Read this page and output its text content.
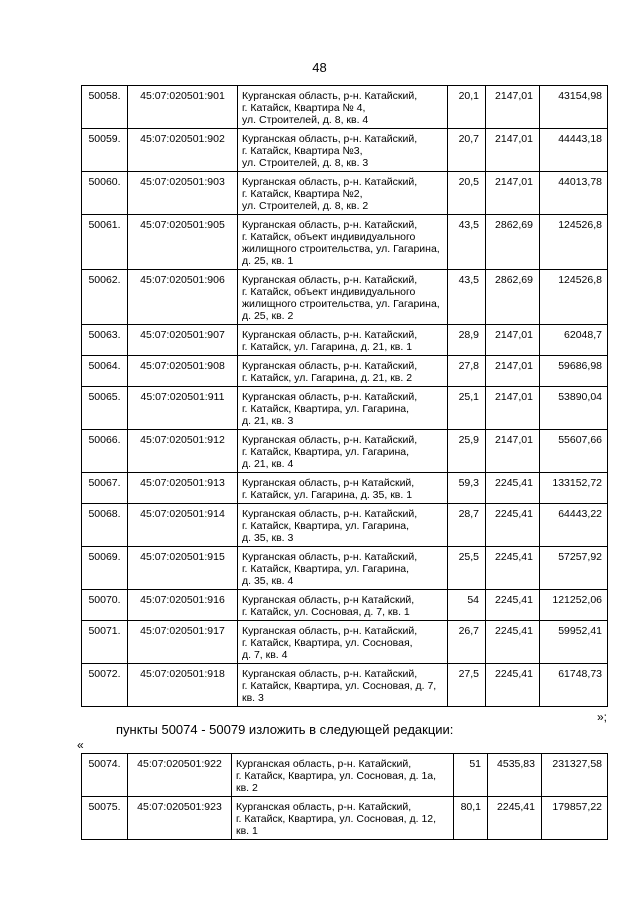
48
50058.	45:07:020501:901	Курганская область, р-н. Катайский,
г. Катайск, Квартира № 4,
ул. Строителей, д. 8, кв. 4	20,1	2147,01	43154,98
50059.	45:07:020501:902	Курганская область, р-н. Катайский,
г. Катайск, Квартира №3,
ул. Строителей, д. 8, кв. 3	20,7	2147,01	44443,18
50060.	45:07:020501:903	Курганская область, р-н. Катайский,
г. Катайск, Квартира №2,
ул. Строителей, д. 8, кв. 2	20,5	2147,01	44013,78
50061.	45:07:020501:905	Курганская область, р-н. Катайский,
г. Катайск, объект индивидуального
жилищного строительства, ул. Гагарина,
д. 25, кв. 1	43,5	2862,69	124526,8
50062.	45:07:020501:906	Курганская область, р-н. Катайский,
г. Катайск, объект индивидуального
жилищного строительства, ул. Гагарина,
д. 25, кв. 2	43,5	2862,69	124526,8
50063.	45:07:020501:907	Курганская область, р-н. Катайский,
г. Катайск, ул. Гагарина, д. 21, кв. 1	28,9	2147,01	62048,7
50064.	45:07:020501:908	Курганская область, р-н. Катайский,
г. Катайск, ул. Гагарина, д. 21, кв. 2	27,8	2147,01	59686,98
50065.	45:07:020501:911	Курганская область, р-н. Катайский,
г. Катайск, Квартира, ул. Гагарина,
д. 21, кв. 3	25,1	2147,01	53890,04
50066.	45:07:020501:912	Курганская область, р-н. Катайский,
г. Катайск, Квартира, ул. Гагарина,
д. 21, кв. 4	25,9	2147,01	55607,66
50067.	45:07:020501:913	Курганская область, р-н Катайский,
г. Катайск, ул. Гагарина, д. 35, кв. 1	59,3	2245,41	133152,72
50068.	45:07:020501:914	Курганская область, р-н. Катайский,
г. Катайск, Квартира, ул. Гагарина,
д. 35, кв. 3	28,7	2245,41	64443,22
50069.	45:07:020501:915	Курганская область, р-н. Катайский,
г. Катайск, Квартира, ул. Гагарина,
д. 35, кв. 4	25,5	2245,41	57257,92
50070.	45:07:020501:916	Курганская область, р-н Катайский,
г. Катайск, ул. Сосновая, д. 7, кв. 1	54	2245,41	121252,06
50071.	45:07:020501:917	Курганская область, р-н. Катайский,
г. Катайск, Квартира, ул. Сосновая,
д. 7, кв. 4	26,7	2245,41	59952,41
50072.	45:07:020501:918	Курганская область, р-н. Катайский,
г. Катайск, Квартира, ул. Сосновая, д. 7,
кв. 3	27,5	2245,41	61748,73
»;
пункты 50074 - 50079 изложить в следующей редакции:
«
50074.	45:07:020501:922	Курганская область, р-н. Катайский,
г. Катайск, Квартира, ул. Сосновая, д. 1а,
кв. 2	51	4535,83	231327,58
50075.	45:07:020501:923	Курганская область, р-н. Катайский,
г. Катайск, Квартира, ул. Сосновая, д. 12,
кв. 1	80,1	2245,41	179857,22
